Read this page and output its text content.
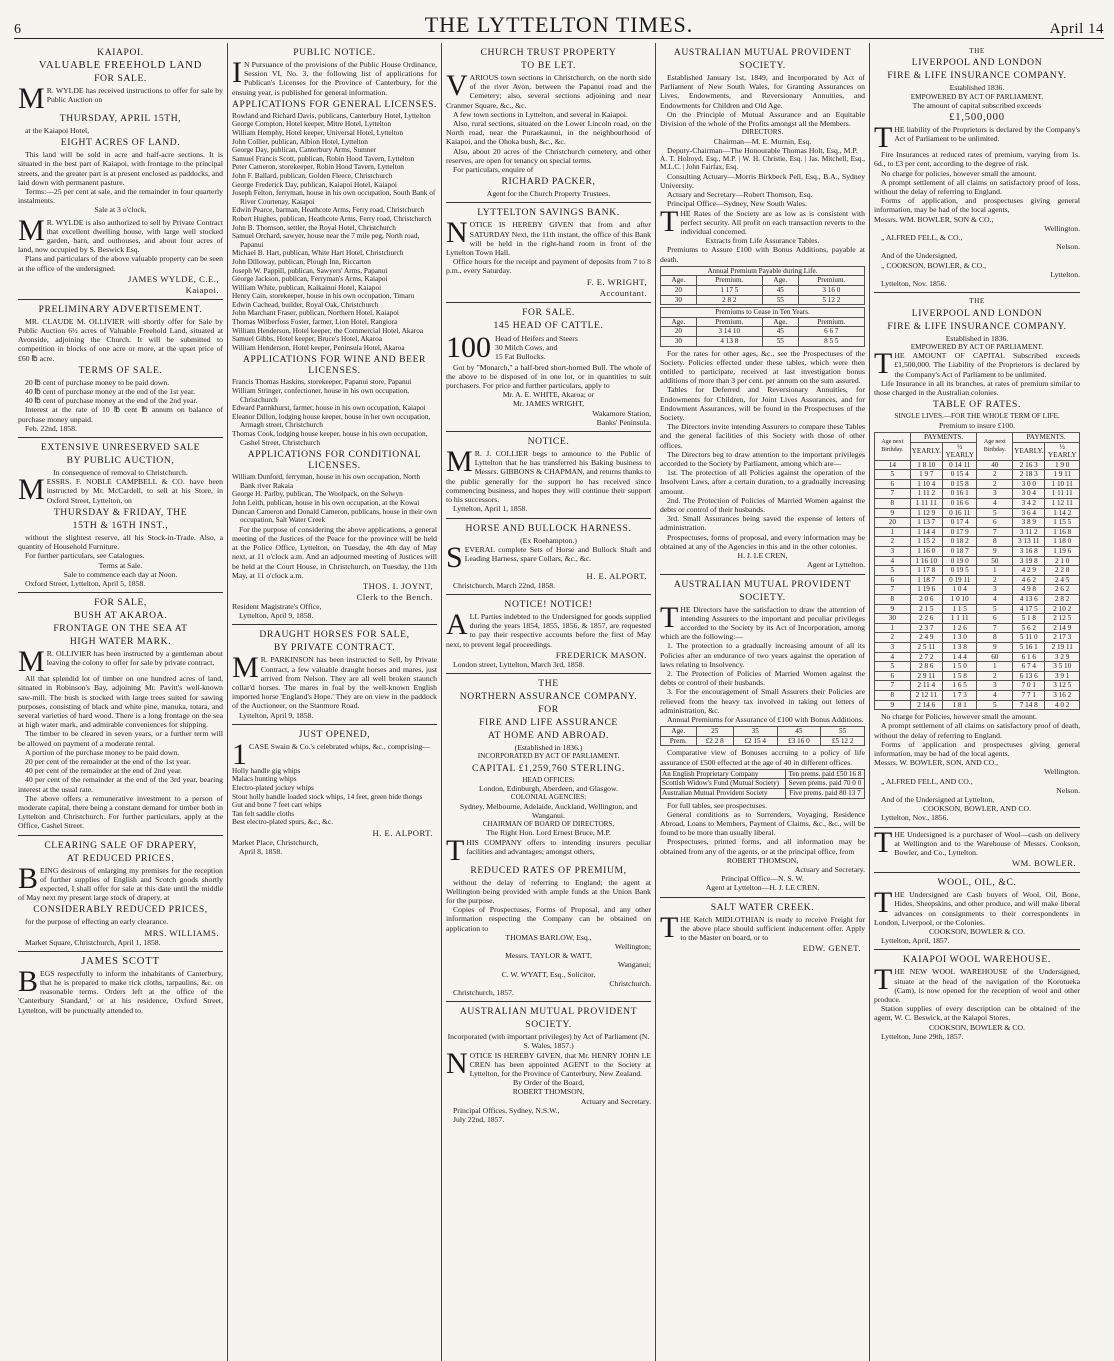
6	THE LYTTELTON TIMES.	April 14
KAIAPOI.
VALUABLE FREEHOLD LAND
FOR SALE.

M R. WYLDE has received instructions to offer for sale by Public Auction on

THURSDAY, APRIL 15TH,

at the Kaiapoi Hotel,

EIGHT ACRES OF LAND.

This land will be sold in acre and half-acre sections. It is situated in the best part of Kaiapoi, with frontage to the principal streets, and the greater part is at present enclosed as paddocks, and laid down with permanent pasture.

Terms:—25 per cent at sale, and the remainder in four quarterly instalments.

Sale at 3 o'clock.

M R. WYLDE is also authorized to sell by Private Contract that excellent dwelling house, with large well stocked garden, barn, and outhouses, and about four acres of land, now occupied by S. Beswick Esq.

Plans and particulars of the above valuable property can be seen at the office of the undersigned.

JAMES WYLDE, C.E.,
Kaiapoi.
PRELIMINARY ADVERTISEMENT.

MR. CLAUDE M. OLLIVIER will shortly offer for Sale by Public Auction 6½ acres of Valuable Freehold Land, situated at Avonside, adjoining the Church. It will be submitted to competition in blocks of one acre or more, at the upset price of £60 ℔ acre.

TERMS OF SALE.

20 ℔ cent of purchase money to be paid down.

40 ℔ cent of purchase money at the end of the 1st year.

40 ℔ cent of purchase money at the end of the 2nd year.

Interest at the rate of 10 ℔ cent ℔ annum on balance of purchase money unpaid.

Feb. 22nd, 1858.

EXTENSIVE UNRESERVED SALE
BY PUBLIC AUCTION,

In consequence of removal to Christchurch.

MESSRS. F. NOBLE CAMPBELL & CO. have been instructed by Mr. McCardell, to sell at his Store, in Oxford Street, Lyttelton, on

THURSDAY & FRIDAY, THE
15TH & 16TH INST.,

without the slightest reserve, all his Stock-in-Trade. Also, a quantity of Household Furniture.

For further particulars, see Catalogues.

Terms at Sale.

Sale to commence each day at Noon.

Oxford Street, Lyttelton, April 5, 1858.

FOR SALE,
BUSH AT AKAROA.
FRONTAGE ON THE SEA AT
HIGH WATER MARK.

M R. OLLIVIER has been instructed by a gentleman about leaving the colony to offer for sale by private contract,

All that splendid lot of timber on one hundred acres of land, situated in Robinson's Bay, adjoining Mr. Pavitt's well-known saw-mill. The bush is stocked with large trees suited for sawing purposes, consisting of black and white pine, manuka, totara, and several varieties of hard wood. There is a long frontage on the sea at high water mark, and admirable conveniences for shipping.

The timber to be cleared in seven years, or a further term will be allowed on payment of a moderate rental.

A portion of the purchase money to be paid down.

20 per cent of the remainder at the end of the 1st year.

40 per cent of the remainder at the end of 2nd year.

40 per cent of the remainder at the end of the 3rd year, bearing interest at the usual rate.

The above offers a remunerative investment to a person of moderate capital, there being a constant demand for timber both in Lyttelton and Christchurch. For further particulars, apply at the Office, Cashel Street.

CLEARING SALE OF DRAPERY,
AT REDUCED PRICES.

BEING desirous of enlarging my premises for the reception of further supplies of English and Scotch goods shortly expected, I shall offer for sale at this date until the middle of May next my present large stock of drapery, at

CONSIDERABLY REDUCED PRICES,

for the purpose of effecting an early clearance.

MRS. WILLIAMS.

Market Square, Christchurch, April 1, 1858.

JAMES SCOTT

BEGS respectfully to inform the inhabitants of Canterbury, that he is prepared to make rick cloths, tarpaulins, &c. on reasonable terms. Orders left at the office of the 'Canterbury Standard,' or at his residence, Oxford Street, Lyttelton, will be punctually attended to.

PUBLIC NOTICE.

I N Pursuance of the provisions of the Public House Ordinance, Session VI, No. 3, the following list of applications for Publican's Licenses for the Province of Canterbury, for the ensuing year, is published for general information.

APPLICATIONS FOR GENERAL LICENSES.

Rowland and Richard Davis, publicans, Canterbury Hotel, Lyttelton

George Compton, Hotel keeper, Mitre Hotel, Lyttelton

William Hemphy, Hotel keeper, Universal Hotel, Lyttelton

John Collier, publican, Albion Hotel, Lyttelton

George Day, publican, Canterbury Arms, Sumner

Samuel Francis Scott, publican, Robin Hood Tavern, Lyttelton

Peter Cameron, storekeeper, Robin Hood Tavern, Lyttelton

John F. Ballard, publican, Golden Fleece, Christchurch

George Frederick Day, publican, Kaiapoi Hotel, Kaiapoi

Joseph Felton, ferryman, house in his own occupation, South Bank of River Courtenay, Kaiapoi

Edwin Pearce, barman, Heathcote Arms, Ferry road, Christchurch

Robert Hughes, publican, Heathcote Arms, Ferry road, Christchurch

John B. Thomson, settler, the Royal Hotel, Christchurch

Samuel Orchard, sawyer, house near the 7 mile peg, North road, Papanui

Michael B. Hart, publican, White Hart Hotel, Christchurch

John Dilloway, publican, Plough Inn, Riccarton

Joseph W. Pappill, publican, Sawyers' Arms, Papanui

George Jackson, publican, Ferryman's Arms, Kaiapoi

William White, publican, Kaikainui Hotel, Kaiapoi

Henry Cain, storekeeper, house in his own occupation, Timaru

Edwin Cachead, builder, Royal Oak, Christchurch

John Marchant Fraser, publican, Northern Hotel, Kaiapoi

Thomas Wilberfoss Foster, farmer, Lion Hotel, Rangiora

William Henderson, Hotel keeper, the Commercial Hotel, Akaroa

Samuel Gibbs, Hotel keeper, Bruce's Hotel, Akaroa

William Henderson, Hotel keeper, Peninsula Hotel, Akaroa

APPLICATIONS FOR WINE AND BEER LICENSES.

Francis Thomas Haskins, storekeeper, Papanui store, Papanui

William Stringer, confectioner, house in his own occupation, Christchurch

Edward Pannkhurst, farmer, house in his own occupation, Kaiapoi

Eleanor Dillon, lodging house keeper, house in her own occupation, Armagh street, Christchurch

Thomas Cook, lodging house keeper, house in his own occupation, Cashel Street, Christchurch

APPLICATIONS FOR CONDITIONAL LICENSES.

William Dunford, ferryman, house in his own occupation, North Bank river Rakaia

George H. Parlby, publican, The Woolpack, on the Selwyn

John Leith, publican, house in his own occupation, at the Kowai

Duncan Cameron and Donald Cameron, publicans, house in their own occupation, Salt Water Creek

For the purpose of considering the above applications, a general meeting of the Justices of the Peace for the province will be held at the Police Office, Lyttelton, on Tuesday, the 4th day of May next, at 11 o'clock a.m. And an adjourned meeting of Justices will be held at the Court House, in Christchurch, on Tuesday, the 11th May, at 11 o'clock a.m.

THOS. I. JOYNT,
Clerk to the Bench.

Resident Magistrate's Office,

Lyttelton, April 9, 1858.

DRAUGHT HORSES FOR SALE,
BY PRIVATE CONTRACT.

M R. PARKINSON has been instructed to Sell, by Private Contract, a few valuable draught horses and mares, just arrived from Nelson. They are all well broken staunch collar'd horses. The mares in foal by the well-known English imported horse 'England's Hope.' They are on view in the paddock of the Auctioneer, on the Stanmore Road.

Lyttelton, April 9, 1858.

JUST OPENED,

1 CASE Swain & Co.'s celebrated whips, &c., comprising—

Holly handle gig whips

Malacs hunting whips

Electro-plated jockey whips

Stout holly handle loaded stock whips, 14 feet, green hide thongs

Gut and bone 7 feet cart whips

Tan felt saddle cloths

Best electro-plated spurs, &c., &c.

H. E. ALPORT.

Market Place, Christchurch,

April 8, 1858.

CHURCH TRUST PROPERTY
TO BE LET.

VARIOUS town sections in Christchurch, on the north side of the river Avon, between the Papanui road and the Cemetery; also, several sections adjoining and near Cranmer Square, &c., &c.

A few town sections in Lyttelton, and several in Kaiapoi.

Also, rural sections, situated on the Lower Lincoln road, on the North road, near the Puraekaunui, in the neighbourhood of Kaiapoi, and the Ohoka bush, &c., &c.

Also, about 20 acres of the Christchurch cemetery, and other reserves, are open for tenancy on special terms.

For particulars, enquire of

RICHARD PACKER,

Agent for the Church Property Trustees.

LYTTELTON SAVINGS BANK.

NOTICE IS HEREBY GIVEN that from and after SATURDAY Next, the 11th instant, the office of this Bank will be held in the right-hand room in front of the Lyttelton Town Hall.

Office hours for the receipt and payment of deposits from 7 to 8 p.m., every Saturday.

F. E. WRIGHT,
Accountant.
FOR SALE.
145 HEAD OF CATTLE.
100 Head of Heifers and Steers
30 Milch Cows, and
15 Fat Bullocks.

Got by "Monarch," a half-bred short-horned Bull. The whole of the above to be disposed of in one lot, or in quantities to suit purchasers. For price and further particulars, apply to

Mr. A. E. WHITE, Akaroa; or

Mr. JAMES WRIGHT,

Wakamore Station,

Banks' Peninsula.

NOTICE.

M R. J. COLLIER begs to announce to the Public of Lyttelton that he has transferred his Baking business to Messrs. GIBBONS & CHAPMAN, and returns thanks to the public generally for the support he has received since commencing business, and hopes they will continue their support to his successors.

Lyttelton, April 1, 1858.

HORSE AND BULLOCK HARNESS.

(Ex Roehampton.)

SEVERAL complete Sets of Horse and Bullock Shaft and Leading Harness, spare Collars, &c., &c.

H. E. ALPORT.

Christchurch, March 22nd, 1858.

NOTICE! NOTICE!

ALL Parties indebted to the Undersigned for goods supplied during the years 1854, 1855, 1856, & 1857, are requested to pay their respective accounts before the first of May next, to prevent legal proceedings.

FREDERICK MASON.

London street, Lyttelton, March 3rd, 1858.

THE
NORTHERN ASSURANCE COMPANY.
FOR
FIRE AND LIFE ASSURANCE
AT HOME AND ABROAD.

(Established in 1836.)

INCORPORATED BY ACT OF PARLIAMENT.

CAPITAL £1,259,760 STERLING.

HEAD OFFICES:

London, Edinburgh, Aberdeen, and Glasgow.

COLONIAL AGENCIES:

Sydney, Melbourne, Adelaide, Auckland, Wellington, and Wanganui.

CHAIRMAN OF BOARD OF DIRECTORS,

The Right Hon. Lord Ernest Bruce, M.P.

THIS COMPANY offers to intending insurers peculiar facilities and advantages; amongst others,

REDUCED RATES OF PREMIUM,

without the delay of referring to England; the agent at Wellington being provided with ample funds at the Union Bank for the purpose.

Copies of Prospectuses, Forms of Proposal, and any other information respecting the Company can be obtained on application to

THOMAS BARLOW, Esq.,

Wellington;

Messrs. TAYLOR & WATT,

Wanganui;

C. W. WYATT, Esq., Solicitor,

Christchurch.

Christchurch, 1857.

AUSTRALIAN MUTUAL PROVIDENT
SOCIETY.

Incorporated (with important privileges) by Act of Parliament (N. S. Wales, 1857.)

NOTICE IS HEREBY GIVEN, that Mr. HENRY JOHN LE CREN has been appointed AGENT to the Society at Lyttelton, for the Province of Canterbury, New Zealand.

By Order of the Board,

ROBERT THOMSON,

Actuary and Secretary.

Principal Offices, Sydney, N.S.W.,

July 22nd, 1857.

AUSTRALIAN MUTUAL PROVIDENT
SOCIETY.

Established January 1st, 1849, and Incorporated by Act of Parliament of New South Wales, for Granting Assurances on Lives, Endowments, and Reversionary Annuities, and Endowments for Children and Old Age.

On the Principle of Mutual Assurance and an Equitable Division of the whole of the Profits amongst all the Members.

DIRECTORS.

Chairman—M. E. Murnin, Esq.

Deputy-Chairman—The Honourable Thomas Holt, Esq., M.P.

A. T. Holroyd, Esq., M.P. | W. H. Christie, Esq. | Jas. Mitchell, Esq., M.L.C. | John Fairfax, Esq.

Consulting Actuary—Morris Birkbeck Pell, Esq., B.A., Sydney University.

Actuary and Secretary—Robert Thomson, Esq.

Principal Office—Sydney, New South Wales.

THE Rates of the Society are as low as is consistent with perfect security. All profit on each transaction reverts to the individual concerned.

Extracts from Life Assurance Tables.

Premiums to Assure £100 with Bonus Additions, payable at death.

Annual Premium Payable during Life.			
Age.	Premium.	Age.	Premium.
20	1 17 5	45	3 16 0
30	2 8 2	55	5 12 2
Premiums to Cease in Ten Years.			
Age.	Premium.	Age.	Premium.
20	3 14 10	45	6 6 7
30	4 13 8	55	8 5 5

For the rates for other ages, &c., see the Prospectuses of the Society. Policies effected under these tables, which were then entitled to participate, received at last investigation bonus additions of more than 3 per cent. per annum on the sum assured.

Tables for Deferred and Reversionary Annuities, for Endowments for Children, for Joint Lives Assurances, and for Endowment Assurances, will be found in the Prospectuses of the Society.

The Directors invite intending Assurers to compare these Tables and the general facilities of this Society with those of other offices.

The Directors beg to draw attention to the important privileges accorded to the Society by Parliament, among which are—

1st. The protection of all Policies against the operation of the Insolvent Laws, after a certain duration, to a gradually increasing amount.

2nd. The Protection of Policies of Married Women against the debts or control of their husbands.

3rd. Small Assurances being saved the expense of letters of administration.

Prospectuses, forms of proposal, and every information may be obtained at any of the Agencies in this and in the other colonies.

H. J. LE CREN,

Agent at Lyttelton.

AUSTRALIAN MUTUAL PROVIDENT
SOCIETY.

THE Directors have the satisfaction to draw the attention of intending Assurers to the important and peculiar privileges accorded to the Society by its Act of Incorporation, among which are the following:—

1. The protection to a gradually increasing amount of all its Policies after an endurance of two years against the operation of laws relating to Insolvency.

2. The Protection of Policies of Married Women against the debts or control of their husbands.

3. For the encouragement of Small Assurers their Policies are relieved from the heavy tax involved in taking out letters of administration, &c.

Annual Premiums for Assurance of £100 with Bonus Additions.

Age.	25	35	45	55
Prem.	£2 2 8	£2 15 4	£3 16 0	£5 12 2

Comparative view of Bonuses accruing to a policy of life assurance of £500 effected at the age of 40 in different offices.

An English Proprietary Company	Ten prems. paid £50 16 8
Scottish Widow's Fund (Mutual Society)	Seven prems. paid 70 0 0
Australian Mutual Provident Society	Five prems. paid 80 13 7

For full tables, see prospectuses.

General conditions as to Surrenders, Voyaging, Residence Abroad, Loans to Members, Payment of Claims, &c., &c., will be found to be more than usually liberal.

Prospectuses, printed forms, and all information may be obtained from any of the agents, or at the principal office, from

ROBERT THOMSON,

Actuary and Secretary.

Principal Office—N. S. W.

Agent at Lyttelton—H. J. LE CREN.

SALT WATER CREEK.

THE Ketch MIDLOTHIAN is ready to receive Freight for the above place should sufficient inducement offer. Apply to the Master on board, or to

EDW. GENET.
THE
LIVERPOOL AND LONDON
FIRE & LIFE INSURANCE COMPANY.

Established 1836.

EMPOWERED BY ACT OF PARLIAMENT.

The amount of capital subscribed exceeds

£1,500,000

THE liability of the Proprietors is declared by the Company's Act of Parliament to be unlimited.

Fire Insurances at reduced rates of premium, varying from 1s. 6d., to £3 per cent, according to the degree of risk.

No charge for policies, however small the amount.

A prompt settlement of all claims on satisfactory proof of loss, without the delay of referring to England.

Forms of application, and prospectuses giving general information, may be had of the local agents,

Messrs. WM. BOWLER, SON & CO.,

Wellington.

„ ALFRED FELL, & CO.,

Nelson.

And of the Undersigned,

„ COOKSON, BOWLER, & CO.,

Lyttelton.

Lyttelton, Nov. 1856.

THE
LIVERPOOL AND LONDON
FIRE & LIFE INSURANCE COMPANY.

Established in 1836.

EMPOWERED BY ACT OF PARLIAMENT.

THE AMOUNT OF CAPITAL Subscribed exceeds £1,500,000. The Liability of the Proprietors is declared by the Company's Act of Parliament to be unlimited.

Life Insurance in all its branches, at rates of premium similar to those charged in the Australian colonies.

TABLE OF RATES.

SINGLE LIVES.—FOR THE WHOLE TERM OF LIFE.

Premium to insure £100.

Age next Birthday.	PAYMENTS.		Age next Birthday.	PAYMENTS.	
	YEARLY.	½ YEARLY		YEARLY.	½ YEARLY
14	1 8 10	0 14 11	40	2 16 3	1 9 0
5	1 9 7	0 15 4	2	2 18 3	1 9 11
6	1 10 4	0 15 8	2	3 0 0	1 10 11
7	1 11 2	0 16 1	3	3 0 4	1 11 11
8	1 11 11	0 16 6	4	3 4 2	1 12 11
9	1 12 9	0 16 11	5	3 6 4	1 14 2
20	1 13 7	0 17 4	6	3 8 9	1 15 5
1	1 14 4	0 17 9	7	3 11 2	1 16 8
2	1 15 2	0 18 2	8	3 13 11	1 18 0
3	1 16 0	0 18 7	9	3 16 8	1 19 6
4	1 16 10	0 19 0	50	3 19 8	2 1 0
5	1 17 8	0 19 5	1	4 2 9	2 2 8
6	1 18 7	0 19 11	2	4 6 2	2 4 5
7	1 19 6	1 0 4	3	4 9 8	2 6 2
8	2 0 6	1 0 10	4	4 13 6	2 8 2
9	2 1 5	1 1 5	5	4 17 5	2 10 2
30	2 2 6	1 1 11	6	5 1 8	2 12 5
1	2 3 7	1 2 6	7	5 6 2	2 14 9
2	2 4 9	1 3 0	8	5 11 0	2 17 3
3	2 5 11	1 3 8	9	5 16 1	2 19 11
4	2 7 2	1 4 4	60	6 1 6	3 2 9
5	2 8 6	1 5 0	1	6 7 4	3 5 10
6	2 9 11	1 5 8	2	6 13 6	3 9 1
7	2 11 4	1 6 5	3	7 0 1	3 12 5
8	2 12 11	1 7 3	4	7 7 1	3 16 2
9	2 14 6	1 8 1	5	7 14 8	4 0 2

No charge for Policies, however small the amount.

A prompt settlement of all claims on satisfactory proof of death, without the delay of referring to England.

Forms of application and prospectuses giving general information, may be had of the local agents.

Messrs. W. BOWLER, SON, AND CO.,

Wellington.

„ ALFRED FELL, AND CO.,

Nelson.

And of the Undersigned at Lyttelton,

COOKSON, BOWLER, AND CO.

Lyttelton, Nov., 1856.

THE Undersigned is a purchaser of Wool—cash on delivery at Wellington and to the Warehouse of Messrs. Cookson, Bowler, and Co., Lyttelton.

WM. BOWLER.
WOOL, OIL, &C.

THE Undersigned are Cash buyers of Wool, Oil, Bone, Hides, Sheepskins, and other produce, and will make liberal advances on consignments to their correspondents in London, Liverpool, or the Colonies.

COOKSON, BOWLER & CO.

Lyttelton, April, 1857.

KAIAPOI WOOL WAREHOUSE.

THE NEW WOOL WAREHOUSE of the Undersigned, situate at the head of the navigation of the Korotueka (Cam), is now opened for the reception of wool and other produce.

Station supplies of every description can be obtained of the agent, W. C. Beswick, at the Kaiapoi Stores.

COOKSON, BOWLER & CO.

Lyttelton, June 29th, 1857.
